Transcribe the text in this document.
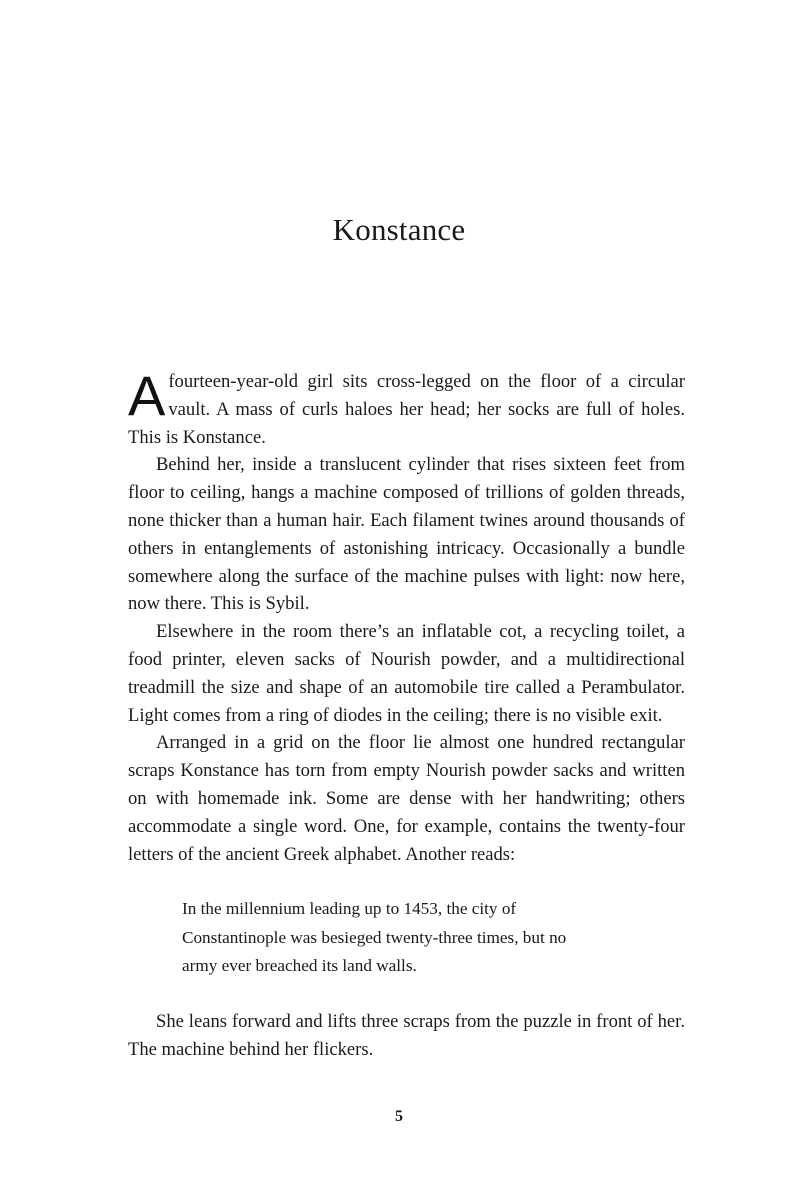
Konstance

Afourteen-year-old girl sits cross-legged on the floor of a circular vault. A mass of curls haloes her head; her socks are full of holes. This is Konstance.

Behind her, inside a translucent cylinder that rises sixteen feet from floor to ceiling, hangs a machine composed of trillions of golden threads, none thicker than a human hair. Each filament twines around thousands of others in entanglements of astonishing intricacy. Occasionally a bundle somewhere along the surface of the machine pulses with light: now here, now there. This is Sybil.

Elsewhere in the room there’s an inflatable cot, a recycling toilet, a food printer, eleven sacks of Nourish powder, and a multidirectional treadmill the size and shape of an automobile tire called a Perambulator. Light comes from a ring of diodes in the ceiling; there is no visible exit.

Arranged in a grid on the floor lie almost one hundred rectangular scraps Konstance has torn from empty Nourish powder sacks and written on with homemade ink. Some are dense with her handwriting; others accommodate a single word. One, for example, contains the twenty-four letters of the ancient Greek alphabet. Another reads:

In the millennium leading up to 1453, the city of
Constantinople was besieged twenty-three times, but no
army ever breached its land walls.

She leans forward and lifts three scraps from the puzzle in front of her. The machine behind her flickers.

5
